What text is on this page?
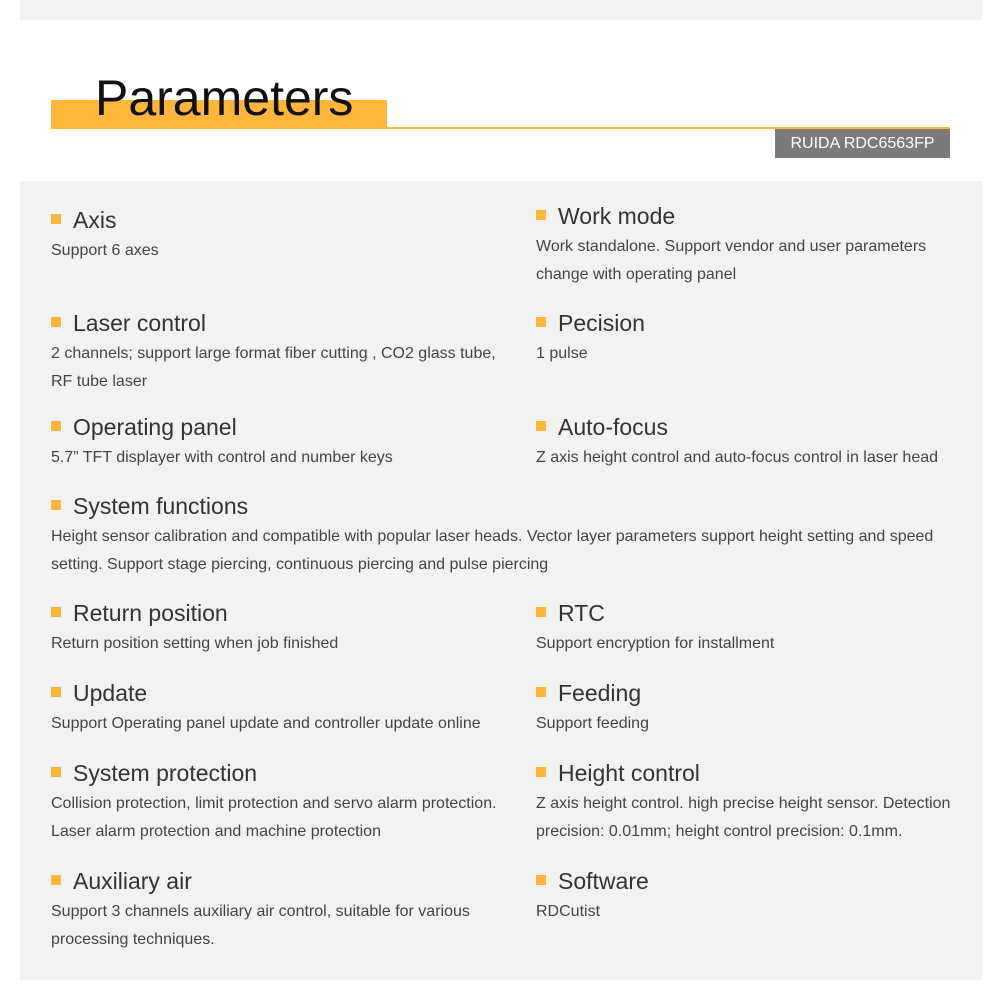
Parameters
RUIDA RDC6563FP
Axis
Support 6 axes
Work mode
Work standalone. Support vendor and user parameters change with operating panel
Laser control
2 channels; support large format fiber cutting , CO2 glass tube, RF tube laser
Pecision
1 pulse
Operating panel
5.7” TFT displayer with control and number keys
Auto-focus
Z axis height control and auto-focus control in laser head
System functions
Height sensor calibration and compatible with popular laser heads. Vector layer parameters support height setting and speed setting. Support stage piercing, continuous piercing and pulse piercing
Return position
Return position setting when job finished
RTC
Support encryption for installment
Update
Support Operating panel update and controller update online
Feeding
Support feeding
System protection
Collision protection, limit protection and servo alarm protection. Laser alarm protection and machine protection
Height control
Z axis height control. high precise height sensor. Detection precision: 0.01mm; height control precision: 0.1mm.
Auxiliary air
Support 3 channels auxiliary air control, suitable for various processing techniques.
Software
RDCutist
